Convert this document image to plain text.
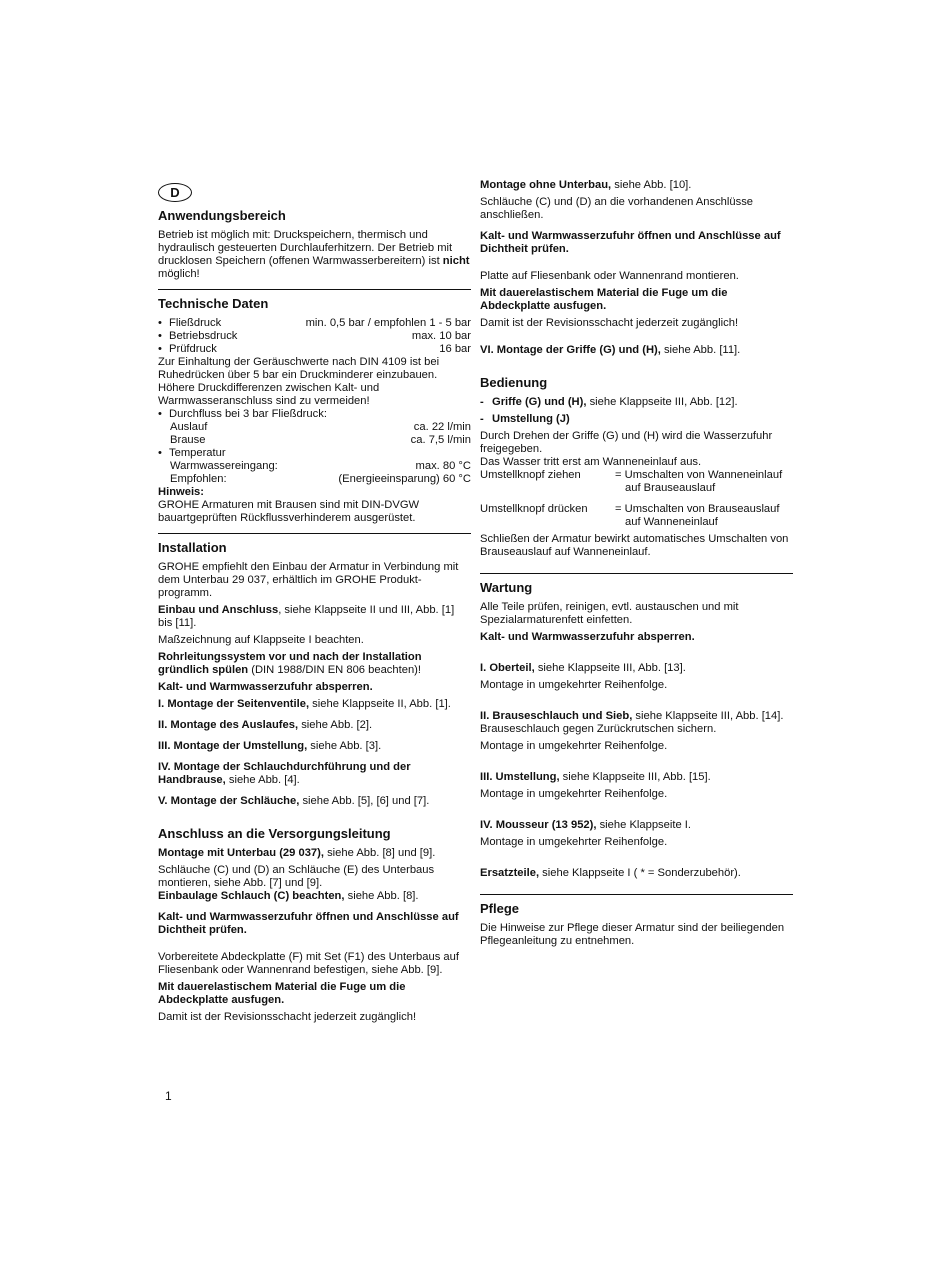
D
Anwendungsbereich

Betrieb ist möglich mit: Druckspeichern, thermisch und hydraulisch gesteuerten Durchlauferhitzern. Der Betrieb mit drucklosen Speichern (offenen Warmwasserbereitern) ist nicht möglich!

Technische Daten
• Fließdruck	min. 0,5 bar / empfohlen 1 - 5 bar
• Betriebsdruck	max. 10 bar
• Prüfdruck	16 bar

Zur Einhaltung der Geräuschwerte nach DIN 4109 ist bei Ruhedrücken über 5 bar ein Druckminderer einzubauen. Höhere Druckdifferenzen zwischen Kalt- und Warmwasseranschluss sind zu vermeiden!

• Durchfluss bei 3 bar Fließdruck:
Auslauf	ca. 22 l/min
Brause	ca. 7,5 l/min
• Temperatur
Warmwassereingang:	max. 80 °C
Empfohlen:	(Energieeinsparung) 60 °C

Hinweis:

GROHE Armaturen mit Brausen sind mit DIN-DVGW bauartgeprüften Rückflussverhinderem ausgerüstet.

Installation

GROHE empfiehlt den Einbau der Armatur in Verbindung mit dem Unterbau 29 037, erhältlich im GROHE Produkt-programm.

Einbau und Anschluss, siehe Klappseite II und III, Abb. [1] bis [11].

Maßzeichnung auf Klappseite I beachten.

Rohrleitungssystem vor und nach der Installation gründlich spülen (DIN 1988/DIN EN 806 beachten)!

Kalt- und Warmwasserzufuhr absperren.

I. Montage der Seitenventile, siehe Klappseite II, Abb. [1].

II. Montage des Auslaufes, siehe Abb. [2].

III. Montage der Umstellung, siehe Abb. [3].

IV. Montage der Schlauchdurchführung und der Handbrause, siehe Abb. [4].

V. Montage der Schläuche, siehe Abb. [5], [6] und [7].

Anschluss an die Versorgungsleitung

Montage mit Unterbau (29 037), siehe Abb. [8] und [9].

Schläuche (C) und (D) an Schläuche (E) des Unterbaus montieren, siehe Abb. [7] und [9].

Einbaulage Schlauch (C) beachten, siehe Abb. [8].

Kalt- und Warmwasserzufuhr öffnen und Anschlüsse auf Dichtheit prüfen.

Vorbereitete Abdeckplatte (F) mit Set (F1) des Unterbaus auf Fliesenbank oder Wannenrand befestigen, siehe Abb. [9].

Mit dauerelastischem Material die Fuge um die Abdeckplatte ausfugen.

Damit ist der Revisionsschacht jederzeit zugänglich!

Montage ohne Unterbau, siehe Abb. [10].

Schläuche (C) und (D) an die vorhandenen Anschlüsse anschließen.

Kalt- und Warmwasserzufuhr öffnen und Anschlüsse auf Dichtheit prüfen.

Platte auf Fliesenbank oder Wannenrand montieren.

Mit dauerelastischem Material die Fuge um die Abdeckplatte ausfugen.

Damit ist der Revisionsschacht jederzeit zugänglich!

VI. Montage der Griffe (G) und (H), siehe Abb. [11].

Bedienung

- Griffe (G) und (H), siehe Klappseite III, Abb. [12].

- Umstellung (J)

Durch Drehen der Griffe (G) und (H) wird die Wasserzufuhr freigegeben.

Das Wasser tritt erst am Wanneneinlauf aus.

Umstellknopf ziehen	= Umschalten von Wanneneinlauf auf Brauseauslauf
Umstellknopf drücken	= Umschalten von Brauseauslauf auf Wanneneinlauf

Schließen der Armatur bewirkt automatisches Umschalten von Brauseauslauf auf Wanneneinlauf.

Wartung

Alle Teile prüfen, reinigen, evtl. austauschen und mit Spezialarmaturenfett einfetten.

Kalt- und Warmwasserzufuhr absperren.

I. Oberteil, siehe Klappseite III, Abb. [13].

Montage in umgekehrter Reihenfolge.

II. Brauseschlauch und Sieb, siehe Klappseite III, Abb. [14].

Brauseschlauch gegen Zurückrutschen sichern.

Montage in umgekehrter Reihenfolge.

III. Umstellung, siehe Klappseite III, Abb. [15].

Montage in umgekehrter Reihenfolge.

IV. Mousseur (13 952), siehe Klappseite I.

Montage in umgekehrter Reihenfolge.

Ersatzteile, siehe Klappseite I ( * = Sonderzubehör).

Pflege

Die Hinweise zur Pflege dieser Armatur sind der beiliegenden Pflegeanleitung zu entnehmen.

1
